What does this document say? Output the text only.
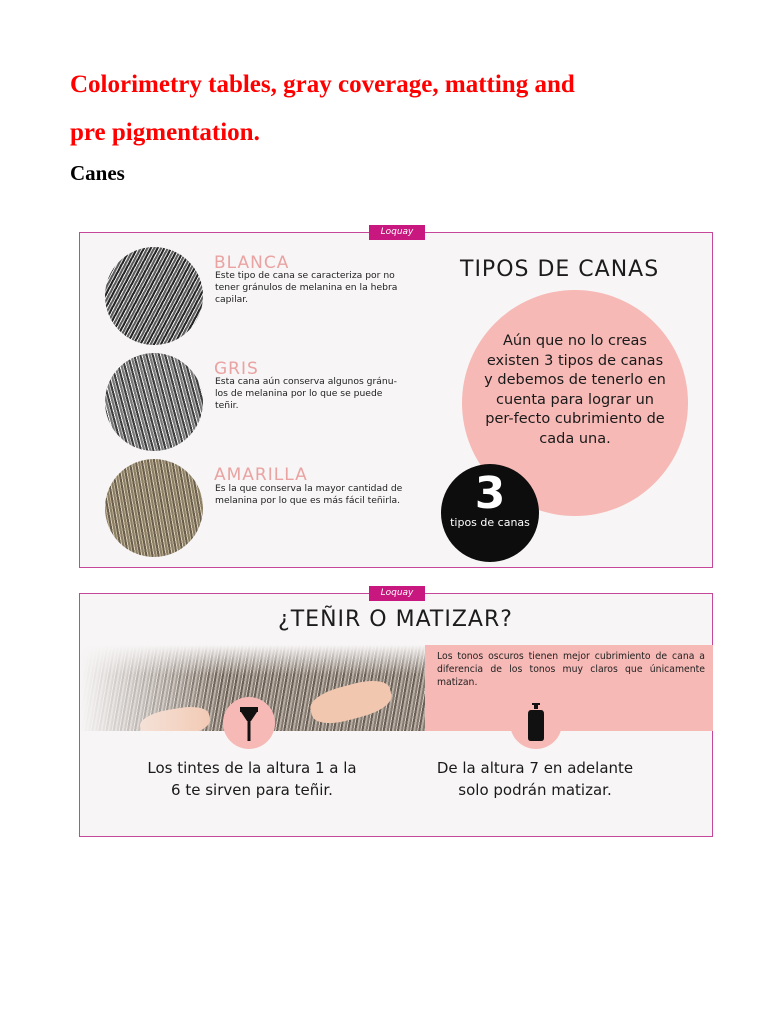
Colorimetry tables, gray coverage, matting and
pre pigmentation.
Canes
Loquay

BLANCA

Este tipo de cana se caracteriza por no tener gránulos de melanina en la hebra capilar.

GRIS

Esta cana aún conserva algunos gránu-los de melanina por lo que se puede teñir.

AMARILLA

Es la que conserva la mayor cantidad de melanina por lo que es más fácil teñirla.

TIPOS DE CANAS

Aún que no lo creas existen 3 tipos de canas y debemos de tenerlo en cuenta para lograr un per-fecto cubrimiento de cada una.

3

tipos de canas

Loquay

¿TEÑIR O MATIZAR?

Los tonos oscuros tienen mejor cubrimiento de cana a diferencia de los tonos muy claros que únicamente matizan.

Los tintes de la altura 1 a la 6 te sirven para teñir.

De la altura 7 en adelante solo podrán matizar.
